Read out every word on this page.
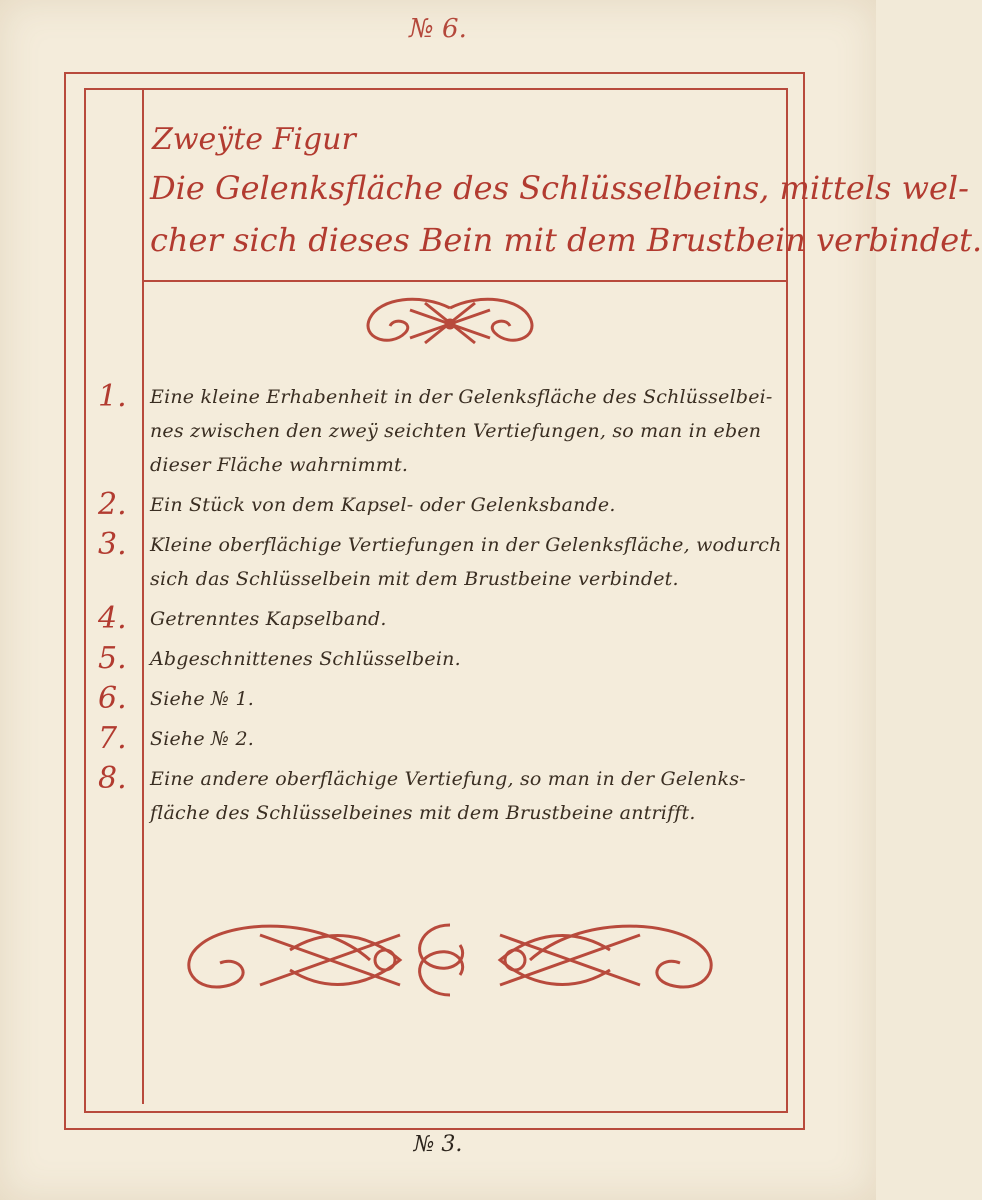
№ 6.
Zweÿte Figur
Die Gelenksfläche des Schlüsselbeins, mittels wel-
cher sich dieses Bein mit dem Brustbein verbindet.
1.	Eine kleine Erhabenheit in der Gelenksfläche des Schlüsselbei-
nes zwischen den zweÿ seichten Vertiefungen, so man in eben
dieser Fläche wahrnimmt.
2.	Ein Stück von dem Kapsel- oder Gelenksbande.
3.	Kleine oberflächige Vertiefungen in der Gelenksfläche, wodurch
sich das Schlüsselbein mit dem Brustbeine verbindet.
4.	Getrenntes Kapselband.
5.	Abgeschnittenes Schlüsselbein.
6.	Siehe № 1.
7.	Siehe № 2.
8.	Eine andere oberflächige Vertiefung, so man in der Gelenks-
fläche des Schlüsselbeines mit dem Brustbeine antrifft.
№ 3.
